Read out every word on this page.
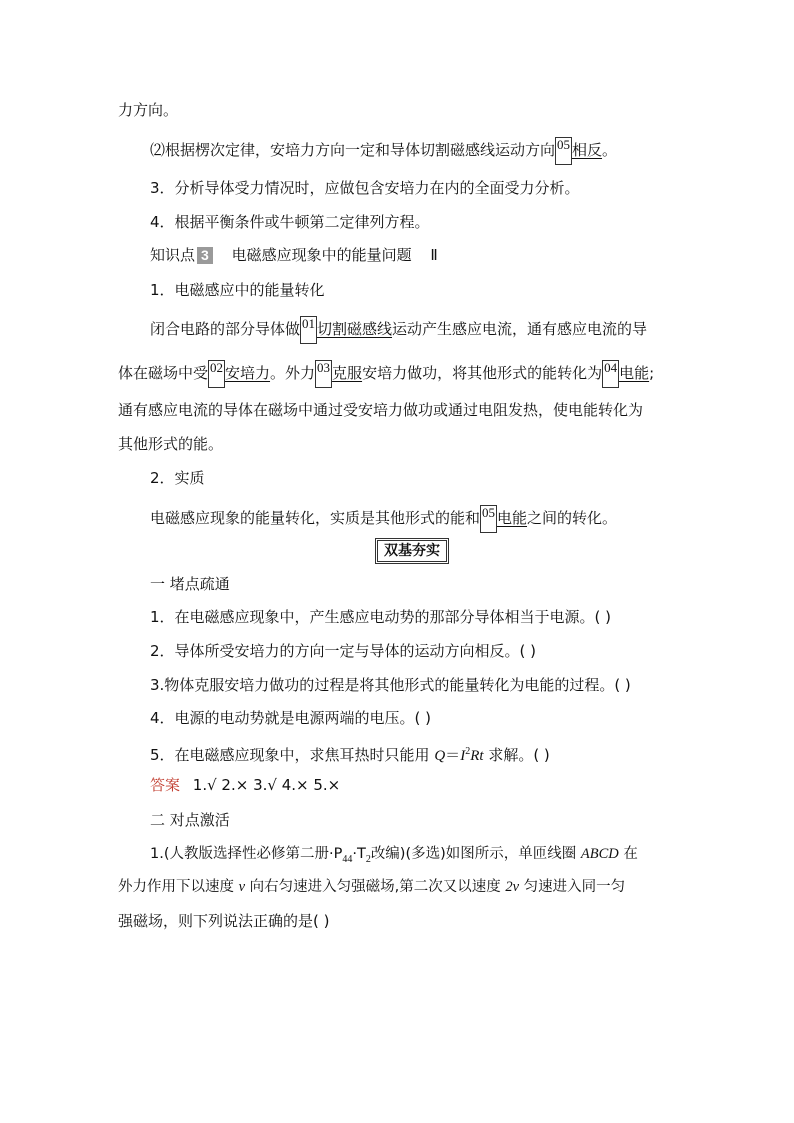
力方向。
⑵根据楞次定律，安培力方向一定和导体切割磁感线运动方向 05 相反。
3．分析导体受力情况时，应做包含安培力在内的全面受力分析。
4．根据平衡条件或牛顿第二定律列方程。
知识点 3 电磁感应现象中的能量问题 Ⅱ
1．电磁感应中的能量转化
闭合电路的部分导体做 01 切割磁感线运动产生感应电流，通有感应电流的导
体在磁场中受 02 安培力。外力 03 克服安培力做功，将其他形式的能转化为 04 电能;
通有感应电流的导体在磁场中通过受安培力做功或通过电阻发热，使电能转化为
其他形式的能。
2．实质
电磁感应现象的能量转化，实质是其他形式的能和 05 电能之间的转化。
双基夯实
一 堵点疏通
1．在电磁感应现象中，产生感应电动势的那部分导体相当于电源。( )
2．导体所受安培力的方向一定与导体的运动方向相反。( )
3.物体克服安培力做功的过程是将其他形式的能量转化为电能的过程。( )
4．电源的电动势就是电源两端的电压。( )
5．在电磁感应现象中，求焦耳热时只能用 $Q=I^2Rt$ 求解。( )
答案 1.√ 2.× 3.√ 4.× 5.×
二 对点激活
1.(人教版选择性必修第二册$\cdot P_{44}\cdot T_2$改编)(多选)如图所示，单匝线圈 ABCD 在
外力作用下以速度 v 向右匀速进入匀强磁场,第二次又以速度 2v 匀速进入同一匀
强磁场，则下列说法正确的是( )
